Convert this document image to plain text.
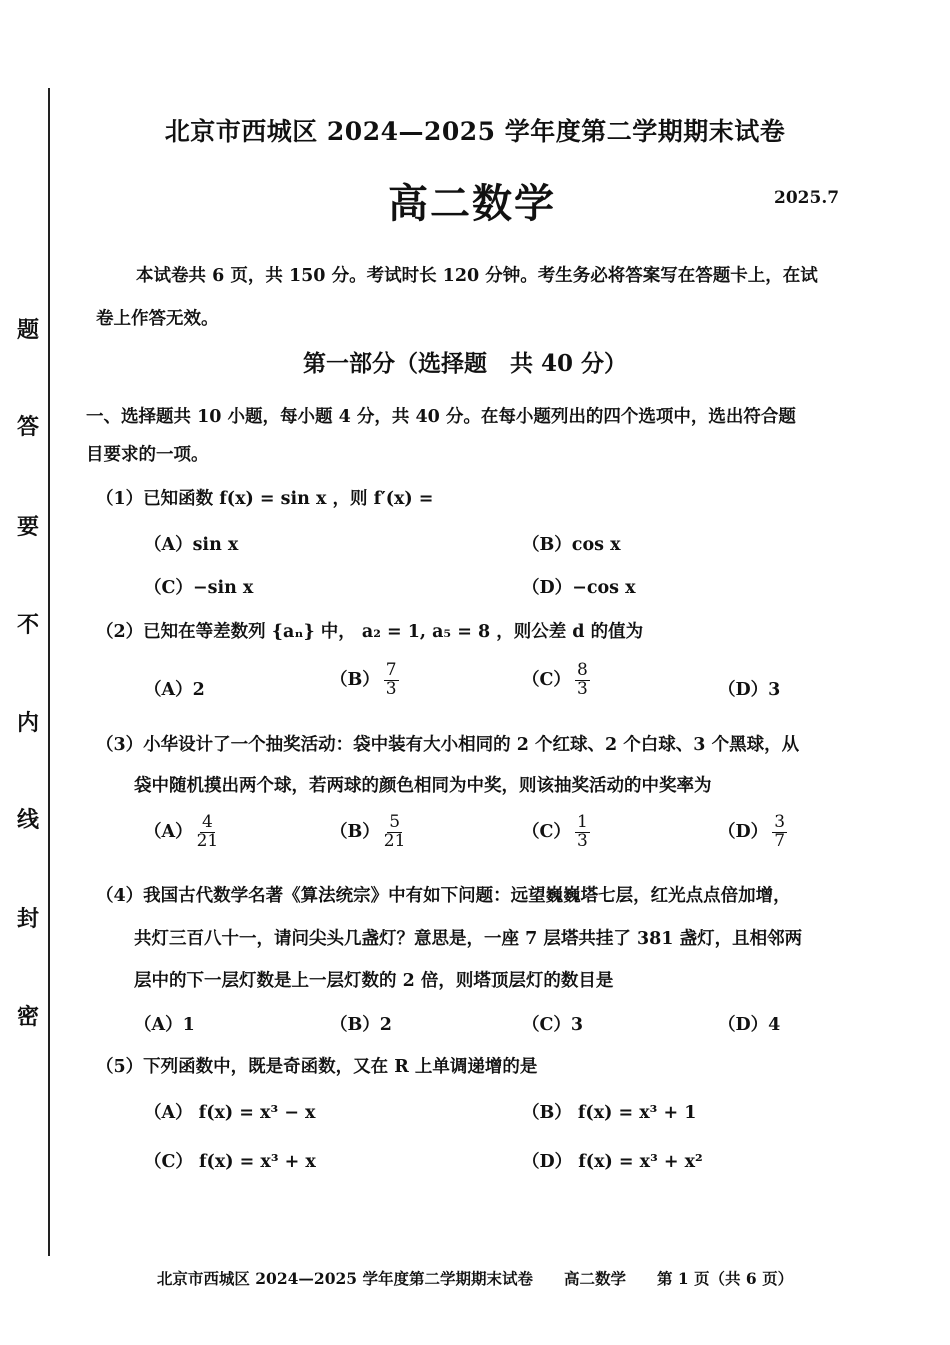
题
答
要
不
内
线
封
密
北京市西城区 2024—2025 学年度第二学期期末试卷
高二数学	2025.7
本试卷共 6 页，共 150 分。考试时长 120 分钟。考生务必将答案写在答题卡上，在试
卷上作答无效。
第一部分（选择题　共 40 分）
一、选择题共 10 小题，每小题 4 分，共 40 分。在每小题列出的四个选项中，选出符合题
目要求的一项。
（1）已知函数 f(x) = sin x ，则 f′(x) =
（A）sin x	（B）cos x
（C）−sin x	（D）−cos x
（2）已知在等差数列 {aₙ} 中， a₂ = 1, a₅ = 8 ，则公差 d 的值为
（A）2
$(B) \frac{7}{3}$	$(C) \frac{8}{3}$	（D）3
（3）小华设计了一个抽奖活动：袋中装有大小相同的 2 个红球、2 个白球、3 个黑球，从
袋中随机摸出两个球，若两球的颜色相同为中奖，则该抽奖活动的中奖率为
$(A) \frac{4}{21}$	$(B) \frac{5}{21}$	$(C) \frac{1}{3}$	$(D) \frac{3}{7}$
（4）我国古代数学名著《算法统宗》中有如下问题：远望巍巍塔七层，红光点点倍加增，
共灯三百八十一，请问尖头几盏灯？意思是，一座 7 层塔共挂了 381 盏灯，且相邻两
层中的下一层灯数是上一层灯数的 2 倍，则塔顶层灯的数目是
（A）1	（B）2	（C）3	（D）4
（5）下列函数中，既是奇函数，又在 R 上单调递增的是
（A） f(x) = x³ − x	（B） f(x) = x³ + 1
（C） f(x) = x³ + x	（D） f(x) = x³ + x²
北京市西城区 2024—2025 学年度第二学期期末试卷　　高二数学　　第 1 页（共 6 页）
